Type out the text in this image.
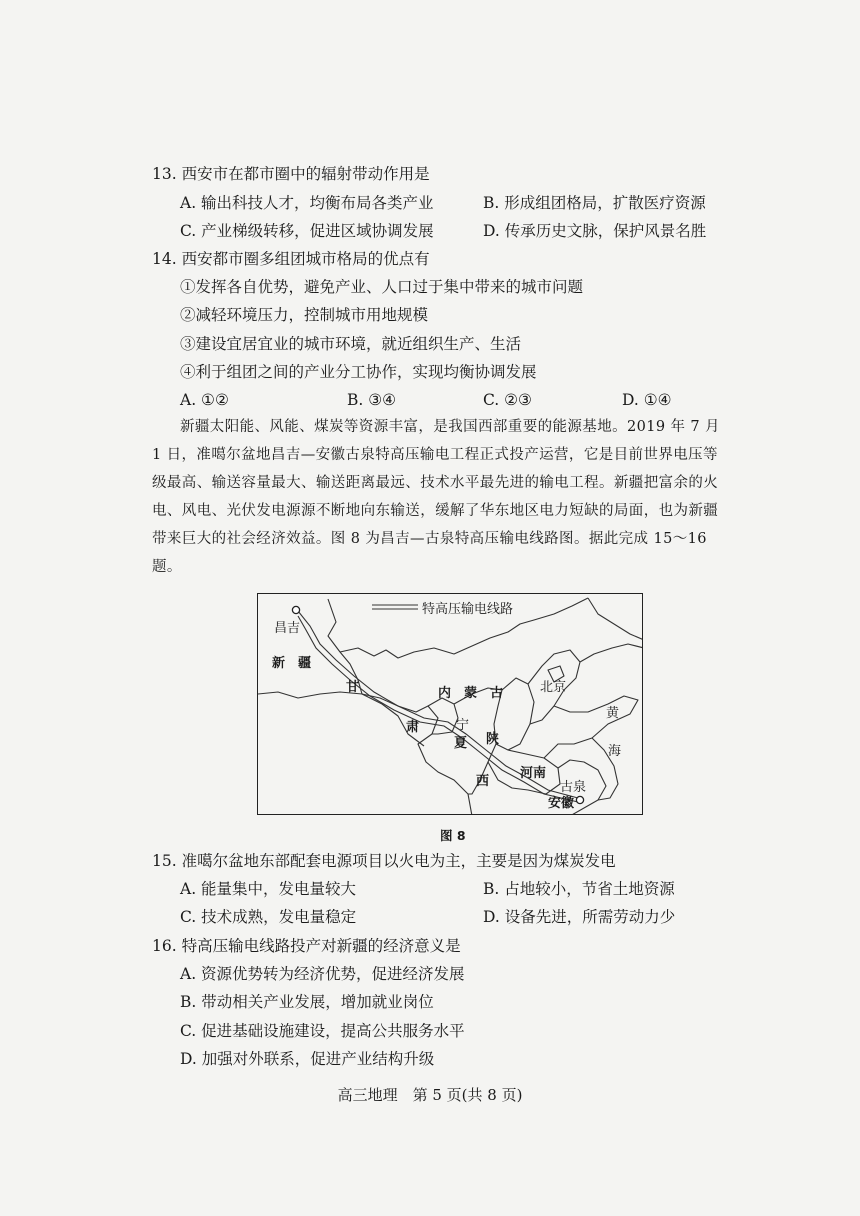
13. 西安市在都市圈中的辐射带动作用是
A. 输出科技人才，均衡布局各类产业	B. 形成组团格局，扩散医疗资源
C. 产业梯级转移，促进区域协调发展	D. 传承历史文脉，保护风景名胜
14. 西安都市圈多组团城市格局的优点有
①发挥各自优势，避免产业、人口过于集中带来的城市问题
②减轻环境压力，控制城市用地规模
③建设宜居宜业的城市环境，就近组织生产、生活
④利于组团之间的产业分工协作，实现均衡协调发展
A. ①②	B. ③④	C. ②③	D. ①④

新疆太阳能、风能、煤炭等资源丰富，是我国西部重要的能源基地。2019 年 7 月 1 日，准噶尔盆地昌吉—安徽古泉特高压输电工程正式投产运营，它是目前世界电压等级最高、输送容量最大、输送距离最远、技术水平最先进的输电工程。新疆把富余的火电、风电、光伏发电源源不断地向东输送，缓解了华东地区电力短缺的局面，也为新疆带来巨大的社会经济效益。图 8 为昌吉—古泉特高压输电线路图。据此完成 15～16 题。

特高压输电线路
昌吉
新　疆
甘
肃
内　蒙　古	北京
黄
海
宁
夏 陕
西
河南
古泉
安徽
图 8
15. 准噶尔盆地东部配套电源项目以火电为主，主要是因为煤炭发电
A. 能量集中，发电量较大	B. 占地较小，节省土地资源
C. 技术成熟，发电量稳定	D. 设备先进，所需劳动力少
16. 特高压输电线路投产对新疆的经济意义是
A. 资源优势转为经济优势，促进经济发展
B. 带动相关产业发展，增加就业岗位
C. 促进基础设施建设，提高公共服务水平
D. 加强对外联系，促进产业结构升级
高三地理　第 5 页(共 8 页)
